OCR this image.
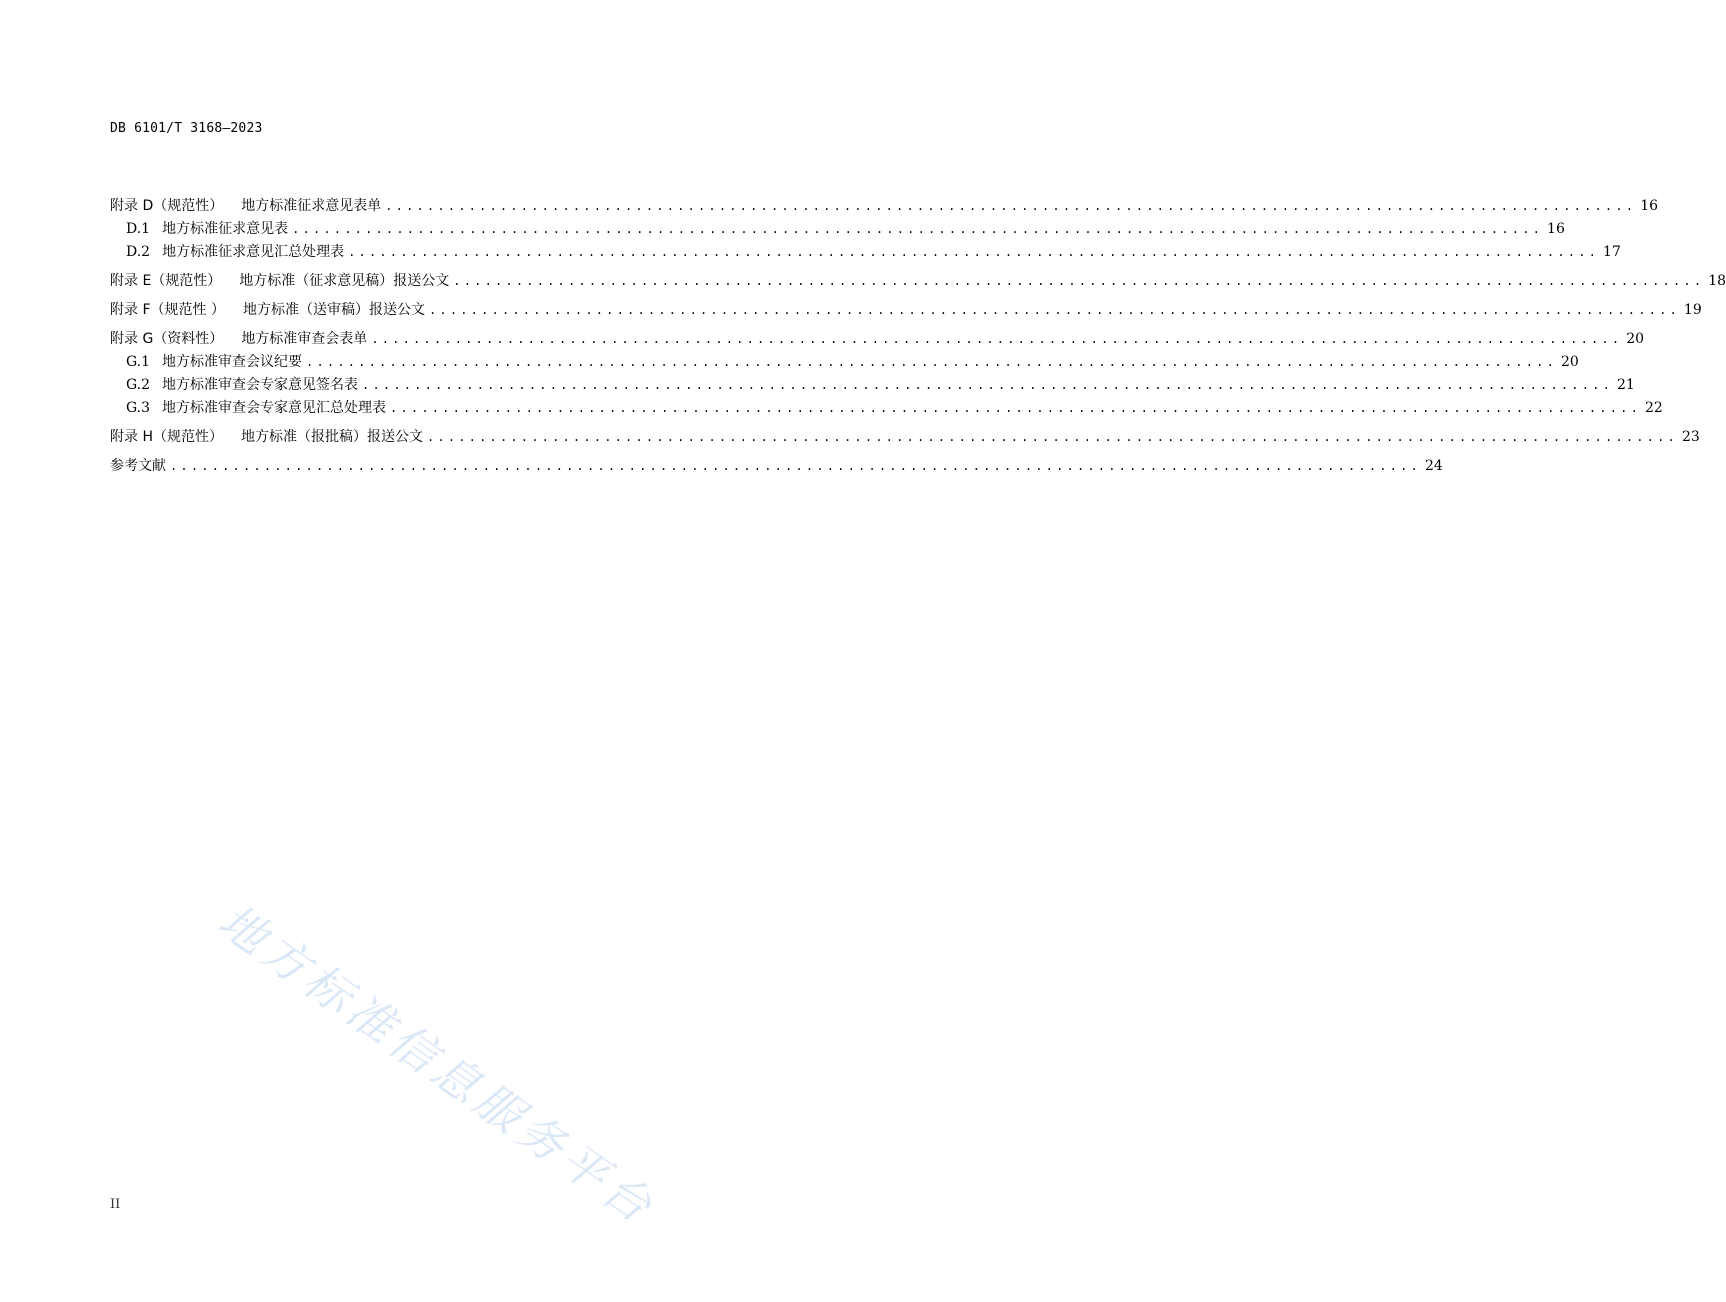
DB 6101/T 3168—2023
附录 D（规范性） 地方标准征求意见表单 ........................................................................................................................ 16
D.1 地方标准征求意见表 ........................................................................................................................ 16
D.2 地方标准征求意见汇总处理表 ........................................................................................................................ 17
附录 E（规范性） 地方标准（征求意见稿）报送公文 ........................................................................................................................ 18
附录 F（规范性 ） 地方标准（送审稿）报送公文 ........................................................................................................................ 19
附录 G（资料性） 地方标准审查会表单 ........................................................................................................................ 20
G.1 地方标准审查会议纪要 ........................................................................................................................ 20
G.2 地方标准审查会专家意见签名表 ........................................................................................................................ 21
G.3 地方标准审查会专家意见汇总处理表 ........................................................................................................................ 22
附录 H（规范性） 地方标准（报批稿）报送公文 ........................................................................................................................ 23
参考文献 ........................................................................................................................ 24
地方标准信息服务平台
II
